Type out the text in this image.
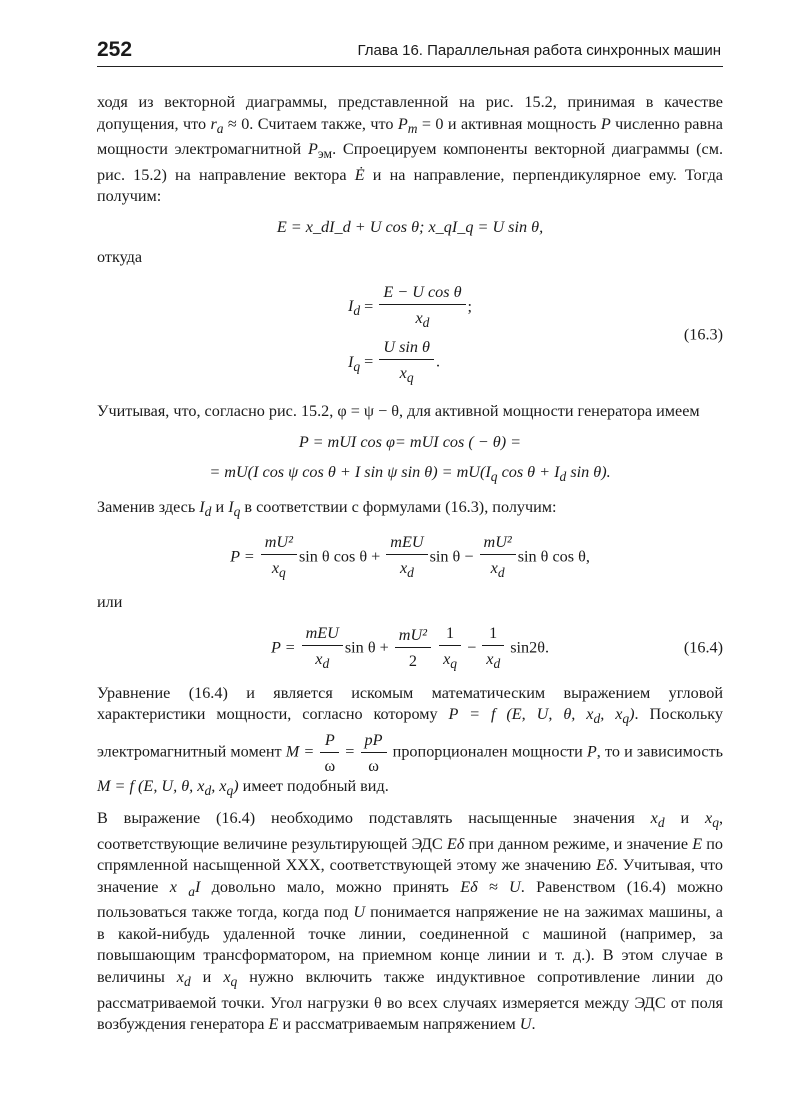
252	Глава 16. Параллельная работа синхронных машин

ходя из векторной диаграммы, представленной на рис. 15.2, принимая в качестве допущения, что $r_a \approx 0$. Считаем также, что $P_m = 0$ и активная мощность P численно равна мощности электромагнитной $P_{эм}$. Спроецируем компоненты векторной диаграммы (см. рис. 15.2) на направление вектора Ė и на направление, перпендикулярное ему. Тогда получим:

E = x_dI_d + U cos θ; x_qI_q = U sin θ,

откуда

$I_d = \frac{\text{E − U cos θ}}{x_d}$ ;
$I_q = \frac{\text{U sin θ}}{x_q}$ .
(16.3)

Учитывая, что, согласно рис. 15.2, φ = ψ − θ, для активной мощности генератора имеем

P = mUI cos φ= mUI cos ( − θ) =
= mU(I cos ψ cos θ + I sin ψ $\sin \theta) = mU(I_q$ $\cos \theta + I_d$ sin θ).

Заменив здесь $I_d$ и $I_q$ в соответствии с формулами (16.3), получим:

$P = \frac{\text{mU²}}{x_q}$ sin θ $\cos \theta + \frac{\text{mEU}}{x_d}$ $\sin \theta - \frac{\text{mU²}}{x_d}$ sin θ cos θ,

или

$P = \frac{\text{mEU}}{x_d}$ $\sin \theta + \frac{\text{mU²}}{2}$
$\frac{1}{x_q} - \frac{1}{x_d} \sin 2\theta$.	(16.4)

Уравнение (16.4) и является искомым математическим выражением угловой характеристики мощности, согласно которому P = f (E, U, θ, $x_d$, $x_q$). Поскольку электромагнитный момент $M = \frac{P}{\omega} = \frac{pP}{\omega}$ пропорционален мощности P, то и зависимость M = f (E, U, θ, $x_d$, $x_q$) имеет подобный вид.

В выражение (16.4) необходимо подставлять насыщенные значения $x_d$ и $x_q$, соответствующие величине результирующей ЭДС Eδ при данном режиме, и значение E по спрямленной насыщенной ХХХ, соответствующей этому же значению Eδ. Учитывая, что значение x $_a$I довольно мало, можно принять Eδ ≈ U. Равенством (16.4) можно пользоваться также тогда, когда под U понимается напряжение не на зажимах машины, а в какой-нибудь удаленной точке линии, соединенной с машиной (например, за повышающим трансформатором, на приемном конце линии и т. д.). В этом случае в величины $x_d$ и $x_q$ нужно включить также индуктивное сопротивление линии до рассматриваемой точки. Угол нагрузки θ во всех случаях измеряется между ЭДС от поля возбуждения генератора E и рассматриваемым напряжением U.
